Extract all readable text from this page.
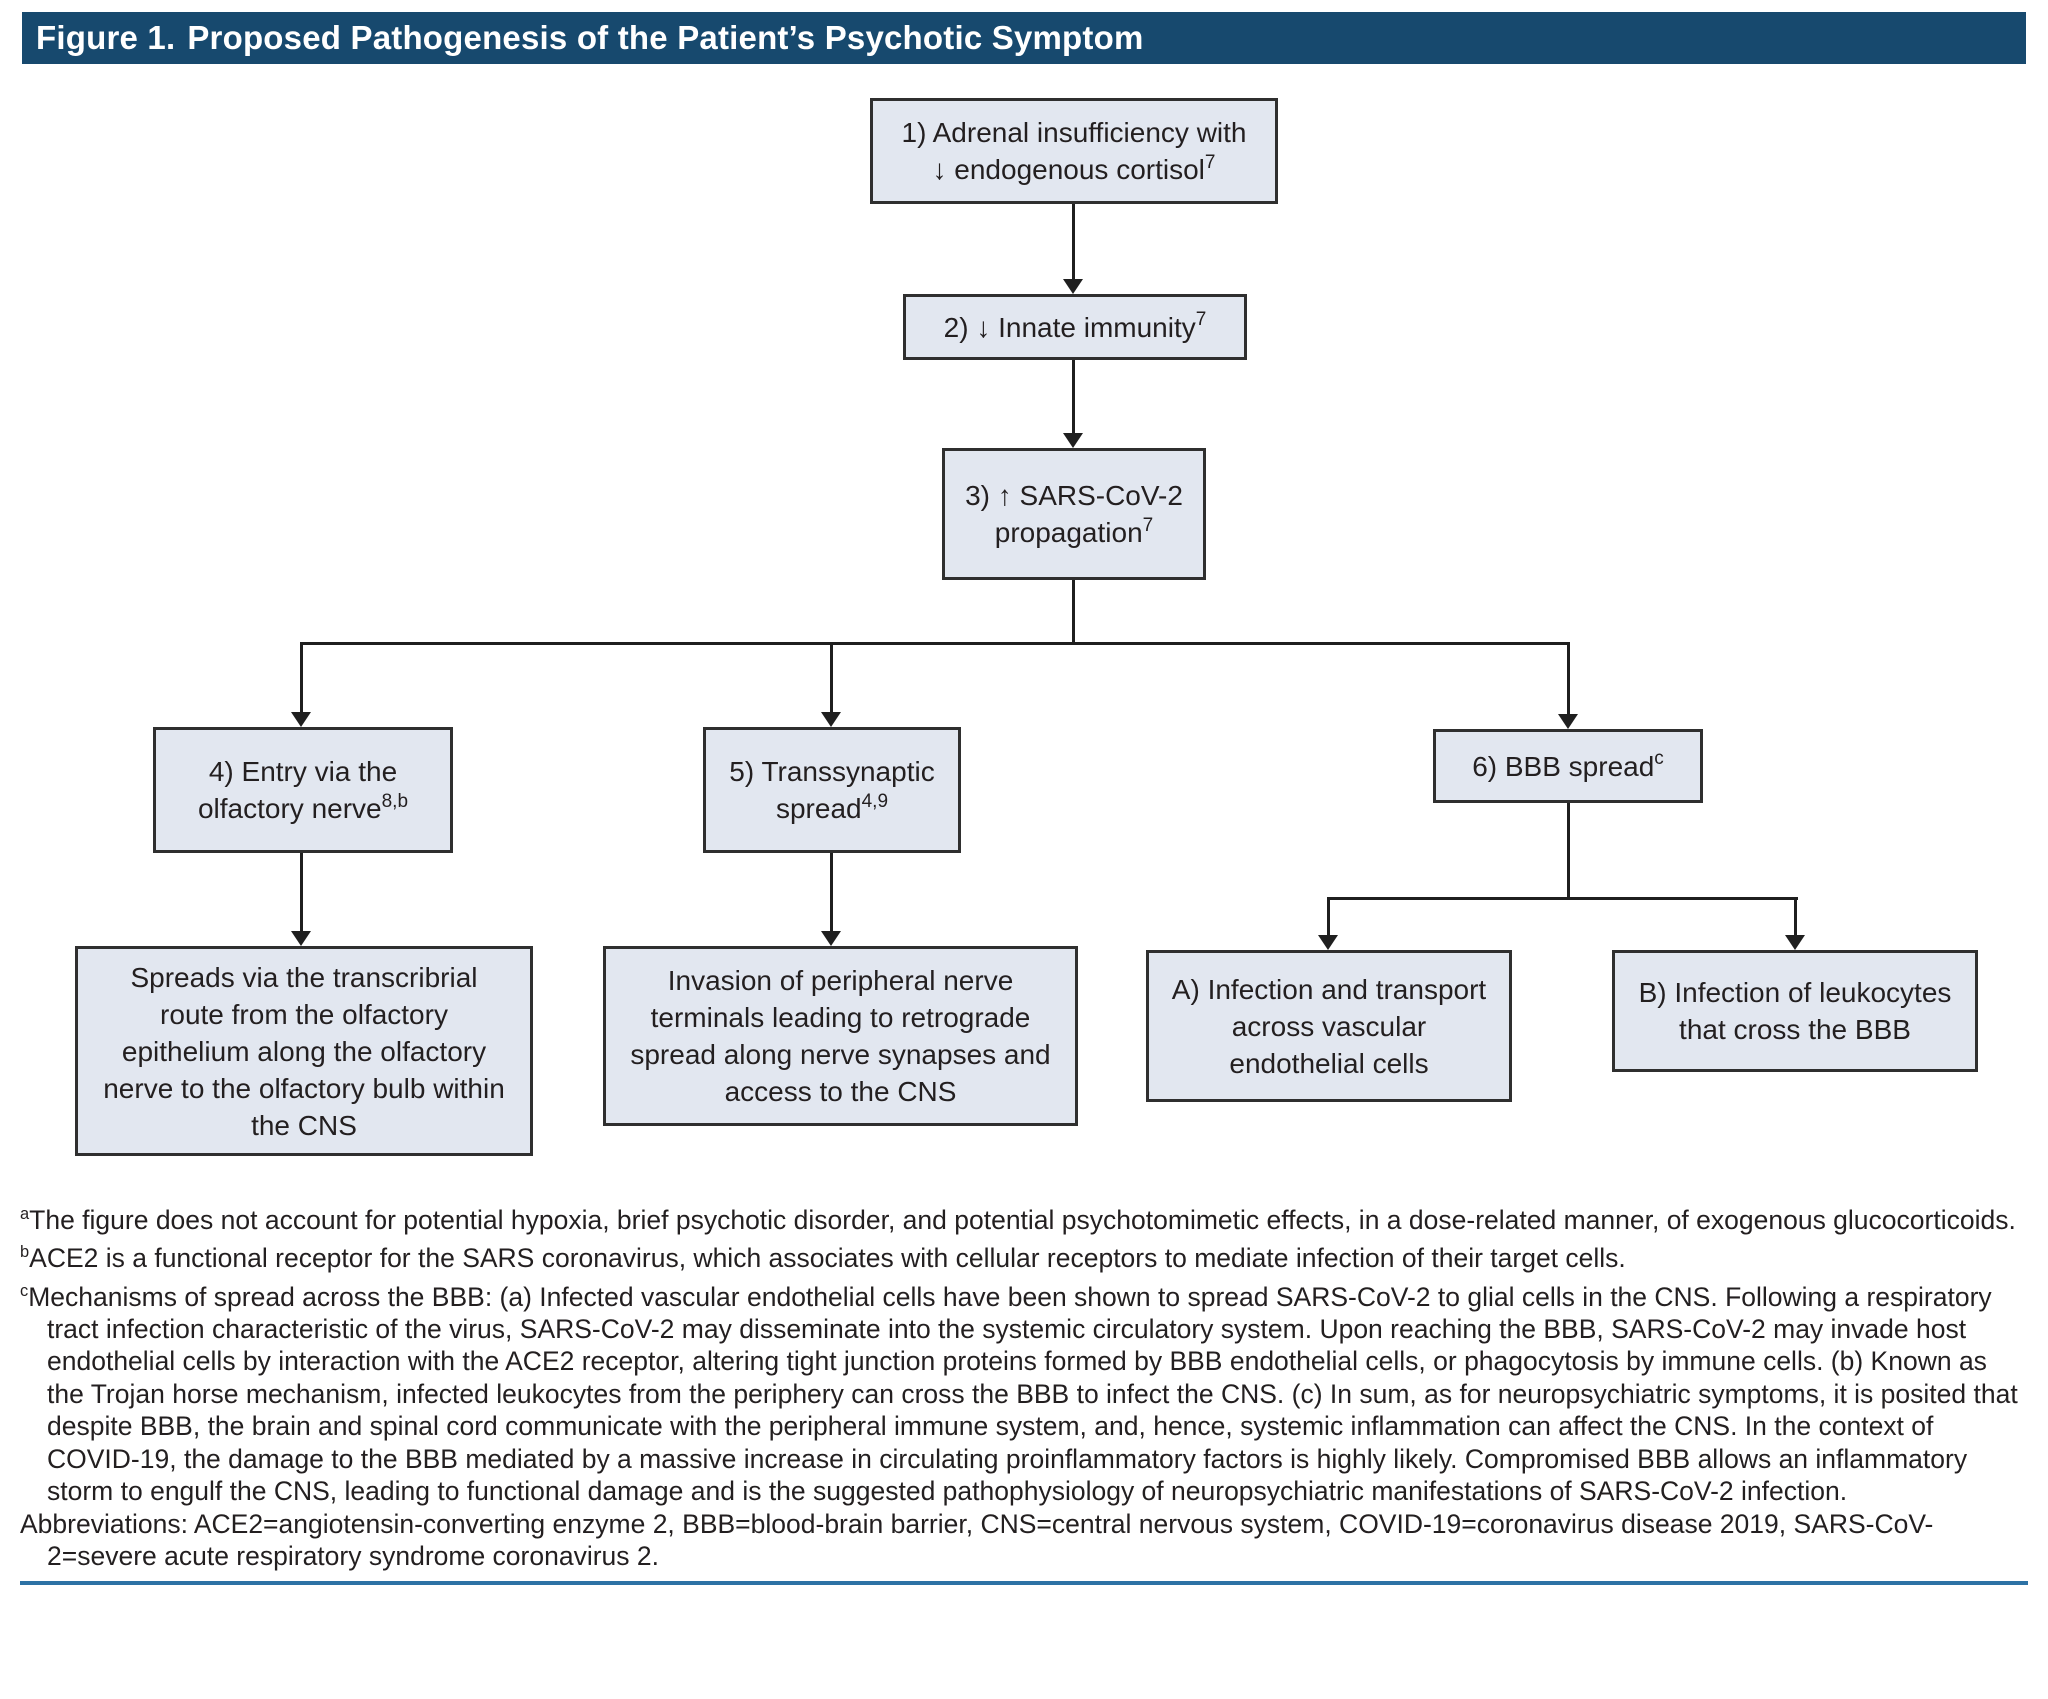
Figure 1. Proposed Pathogenesis of the Patient’s Psychotic Symptom
1) Adrenal insufficiency with
↓ endogenous cortisol$^7$
2) ↓ Innate immunity$^7$
3) ↑ SARS-CoV-2
propagation$^7$
4) Entry via the
olfactory nerve$^{8,b}$
5) Transsynaptic
spread$^{4,9}$
6) BBB spread$^c$
Spreads via the transcribrial route from the olfactory epithelium along the olfactory nerve to the olfactory bulb within the CNS
Invasion of peripheral nerve terminals leading to retrograde spread along nerve synapses and access to the CNS
A) Infection and transport across vascular endothelial cells
B) Infection of leukocytes that cross the BBB

$^a$The figure does not account for potential hypoxia, brief psychotic disorder, and potential psychotomimetic effects, in a dose-related manner, of exogenous glucocorticoids.

$^b$ACE2 is a functional receptor for the SARS coronavirus, which associates with cellular receptors to mediate infection of their target cells.

$^c$Mechanisms of spread across the BBB: (a) Infected vascular endothelial cells have been shown to spread SARS-CoV-2 to glial cells in the CNS. Following a respiratory tract infection characteristic of the virus, SARS-CoV-2 may disseminate into the systemic circulatory system. Upon reaching the BBB, SARS-CoV-2 may invade host endothelial cells by interaction with the ACE2 receptor, altering tight junction proteins formed by BBB endothelial cells, or phagocytosis by immune cells. (b) Known as the Trojan horse mechanism, infected leukocytes from the periphery can cross the BBB to infect the CNS. (c) In sum, as for neuropsychiatric symptoms, it is posited that despite BBB, the brain and spinal cord communicate with the peripheral immune system, and, hence, systemic inflammation can affect the CNS. In the context of COVID-19, the damage to the BBB mediated by a massive increase in circulating proinflammatory factors is highly likely. Compromised BBB allows an inflammatory storm to engulf the CNS, leading to functional damage and is the suggested pathophysiology of neuropsychiatric manifestations of SARS-CoV-2 infection.

Abbreviations: ACE2=angiotensin-converting enzyme 2, BBB=blood-brain barrier, CNS=central nervous system, COVID-19=coronavirus disease 2019, SARS-CoV-2=severe acute respiratory syndrome coronavirus 2.
